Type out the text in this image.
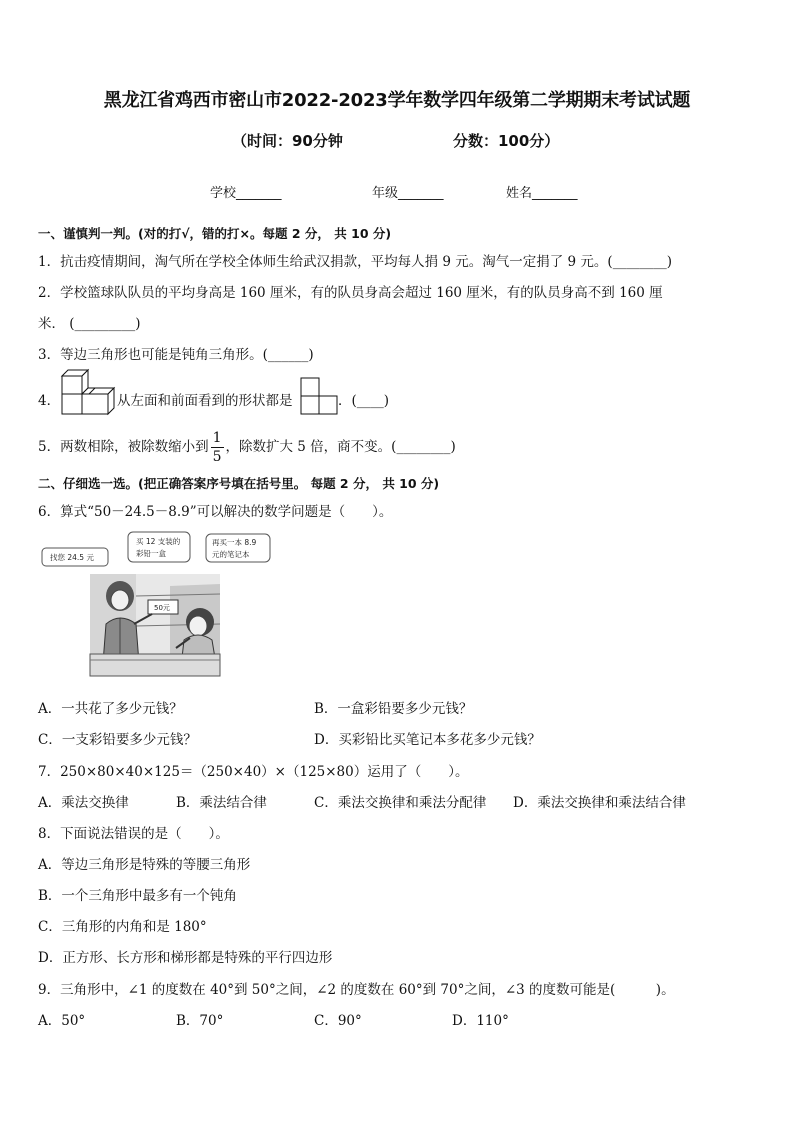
黑龙江省鸡西市密山市2022-2023学年数学四年级第二学期期末考试试题
（时间：90分钟	分数：100分）
学校_______	年级_______	姓名_______
一、谨慎判一判。(对的打√，错的打×。每题 2 分， 共 10 分)
1．抗击疫情期间，淘气所在学校全体师生给武汉捐款，平均每人捐 9 元。淘气一定捐了 9 元。(________)
2．学校篮球队队员的平均身高是 160 厘米，有的队员身高会超过 160 厘米，有的队员身高不到 160 厘
米． (_________)
3．等边三角形也可能是钝角三角形。(______)
4．	从左面和前面看到的形状都是	．(____)
5．两数相除，被除数缩小到 $\frac{1}{5}$ ，除数扩大 5 倍，商不变。(________)
二、仔细选一选。(把正确答案序号填在括号里。 每题 2 分， 共 10 分)
6．算式“50－24.5－8.9”可以解决的数学问题是（　　）。
找您 24.5 元
买 12 支装的
彩铅一盒
再买一本 8.9
元的笔记本
50元
A．一共花了多少元钱？	B．一盒彩铅要多少元钱？
C．一支彩铅要多少元钱？	D．买彩铅比买笔记本多花多少元钱？
7．250×80×40×125＝（250×40）×（125×80）运用了（　　）。
A．乘法交换律	B．乘法结合律	C．乘法交换律和乘法分配律 D．乘法交换律和乘法结合律
8．下面说法错误的是（　　）。
A．等边三角形是特殊的等腰三角形
B．一个三角形中最多有一个钝角
C．三角形的内角和是 180°
D．正方形、长方形和梯形都是特殊的平行四边形
9．三角形中，∠1 的度数在 40°到 50°之间，∠2 的度数在 60°到 70°之间，∠3 的度数可能是(　　　)。
A．50°	B．70°	C．90°	D．110°
